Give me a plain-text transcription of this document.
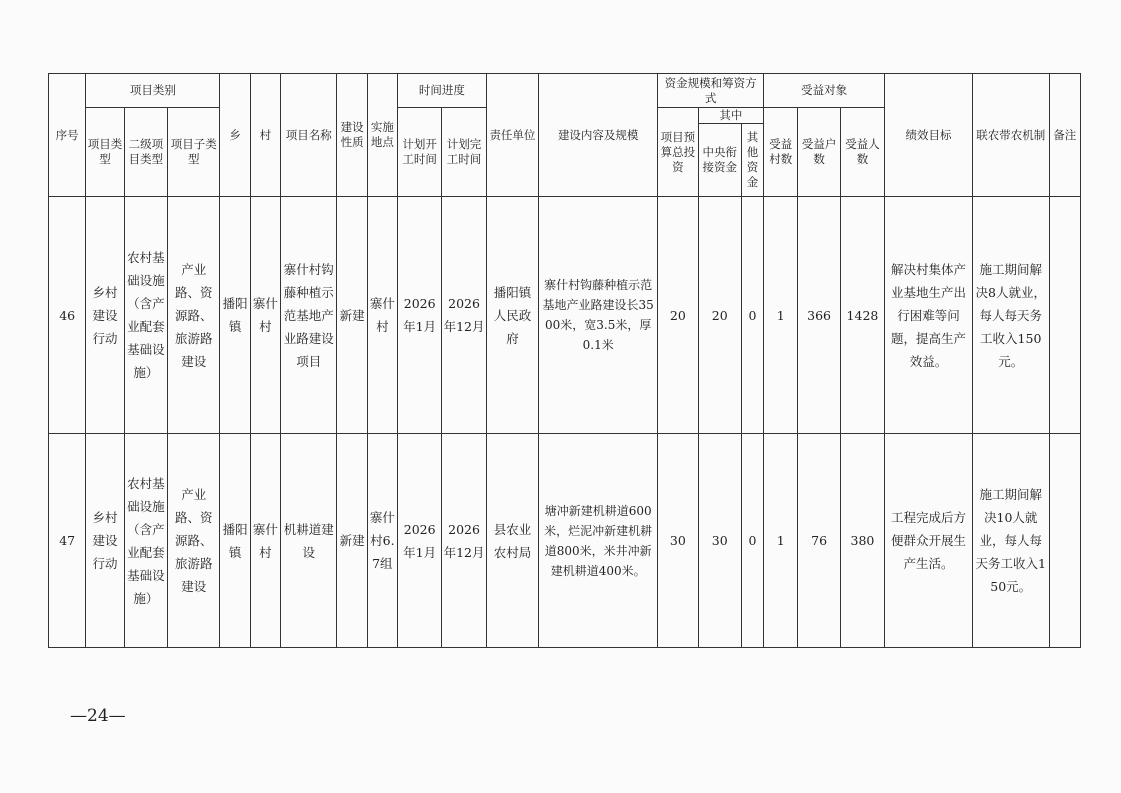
序号	项目类别			乡	村	项目名称	建设性质	实施地点	时间进度		责任单位	建设内容及规模	资金规模和筹资方式			受益对象			绩效目标	联农带农机制	备注
	项目类型	二级项目类型	项目子类型						计划开工时间	计划完工时间			项目预算总投资	其中		受益村数	受益户数	受益人数			
														中央衔接资金	其他资金						
46	乡村建设行动	农村基础设施（含产业配套基础设施）	产业路、资源路、旅游路建设	播阳镇	寨什村	寨什村钩藤种植示范基地产业路建设项目	新建	寨什村	2026年1月	2026年12月	播阳镇人民政府	寨什村钩藤种植示范基地产业路建设长3500米，宽3.5米，厚0.1米	20	20	0	1	366	1428	解决村集体产业基地生产出行困难等问题，提高生产效益。	施工期间解决8人就业，每人每天务工收入150元。	
47	乡村建设行动	农村基础设施（含产业配套基础设施）	产业路、资源路、旅游路建设	播阳镇	寨什村	机耕道建设	新建	寨什村6.7组	2026年1月	2026年12月	县农业农村局	塘冲新建机耕道600米，烂泥冲新建机耕道800米，米井冲新建机耕道400米。	30	30	0	1	76	380	工程完成后方便群众开展生产生活。	施工期间解决10人就业，每人每天务工收入150元。	
—24—
